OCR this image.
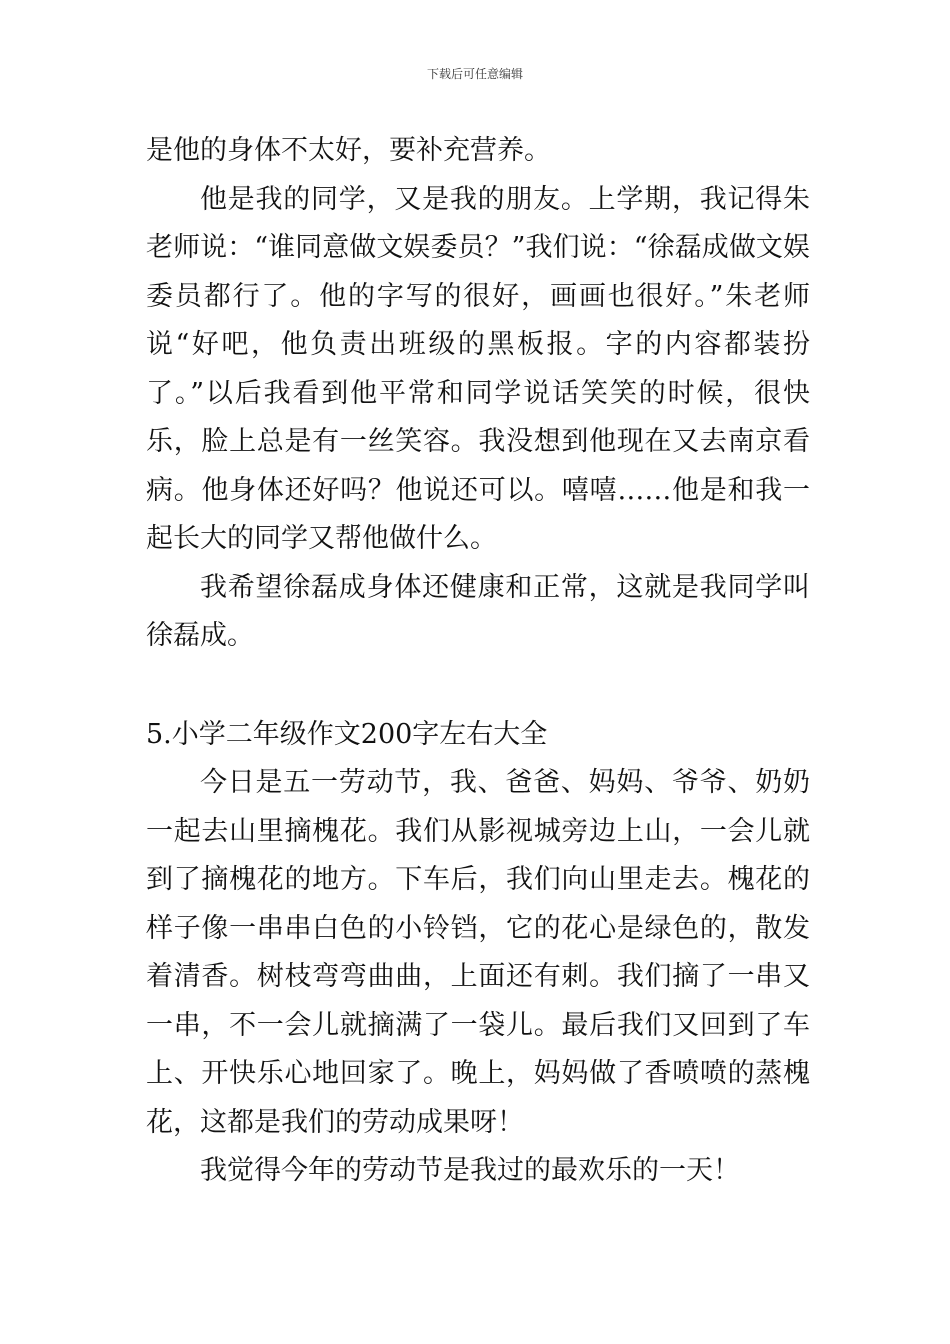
下载后可任意编辑

是他的身体不太好，要补充营养。

他是我的同学，又是我的朋友。上学期，我记得朱老师说：“谁同意做文娱委员？”我们说：“徐磊成做文娱委员都行了。他的字写的很好，画画也很好。”朱老师说“好吧，他负责出班级的黑板报。字的内容都装扮了。”以后我看到他平常和同学说话笑笑的时候，很快乐，脸上总是有一丝笑容。我没想到他现在又去南京看病。他身体还好吗？他说还可以。嘻嘻……他是和我一起长大的同学又帮他做什么。

我希望徐磊成身体还健康和正常，这就是我同学叫徐磊成。

5.小学二年级作文200字左右大全

今日是五一劳动节，我、爸爸、妈妈、爷爷、奶奶一起去山里摘槐花。我们从影视城旁边上山，一会儿就到了摘槐花的地方。下车后，我们向山里走去。槐花的样子像一串串白色的小铃铛，它的花心是绿色的，散发着清香。树枝弯弯曲曲，上面还有刺。我们摘了一串又一串，不一会儿就摘满了一袋儿。最后我们又回到了车上、开快乐心地回家了。晚上，妈妈做了香喷喷的蒸槐花，这都是我们的劳动成果呀！

我觉得今年的劳动节是我过的最欢乐的一天！
